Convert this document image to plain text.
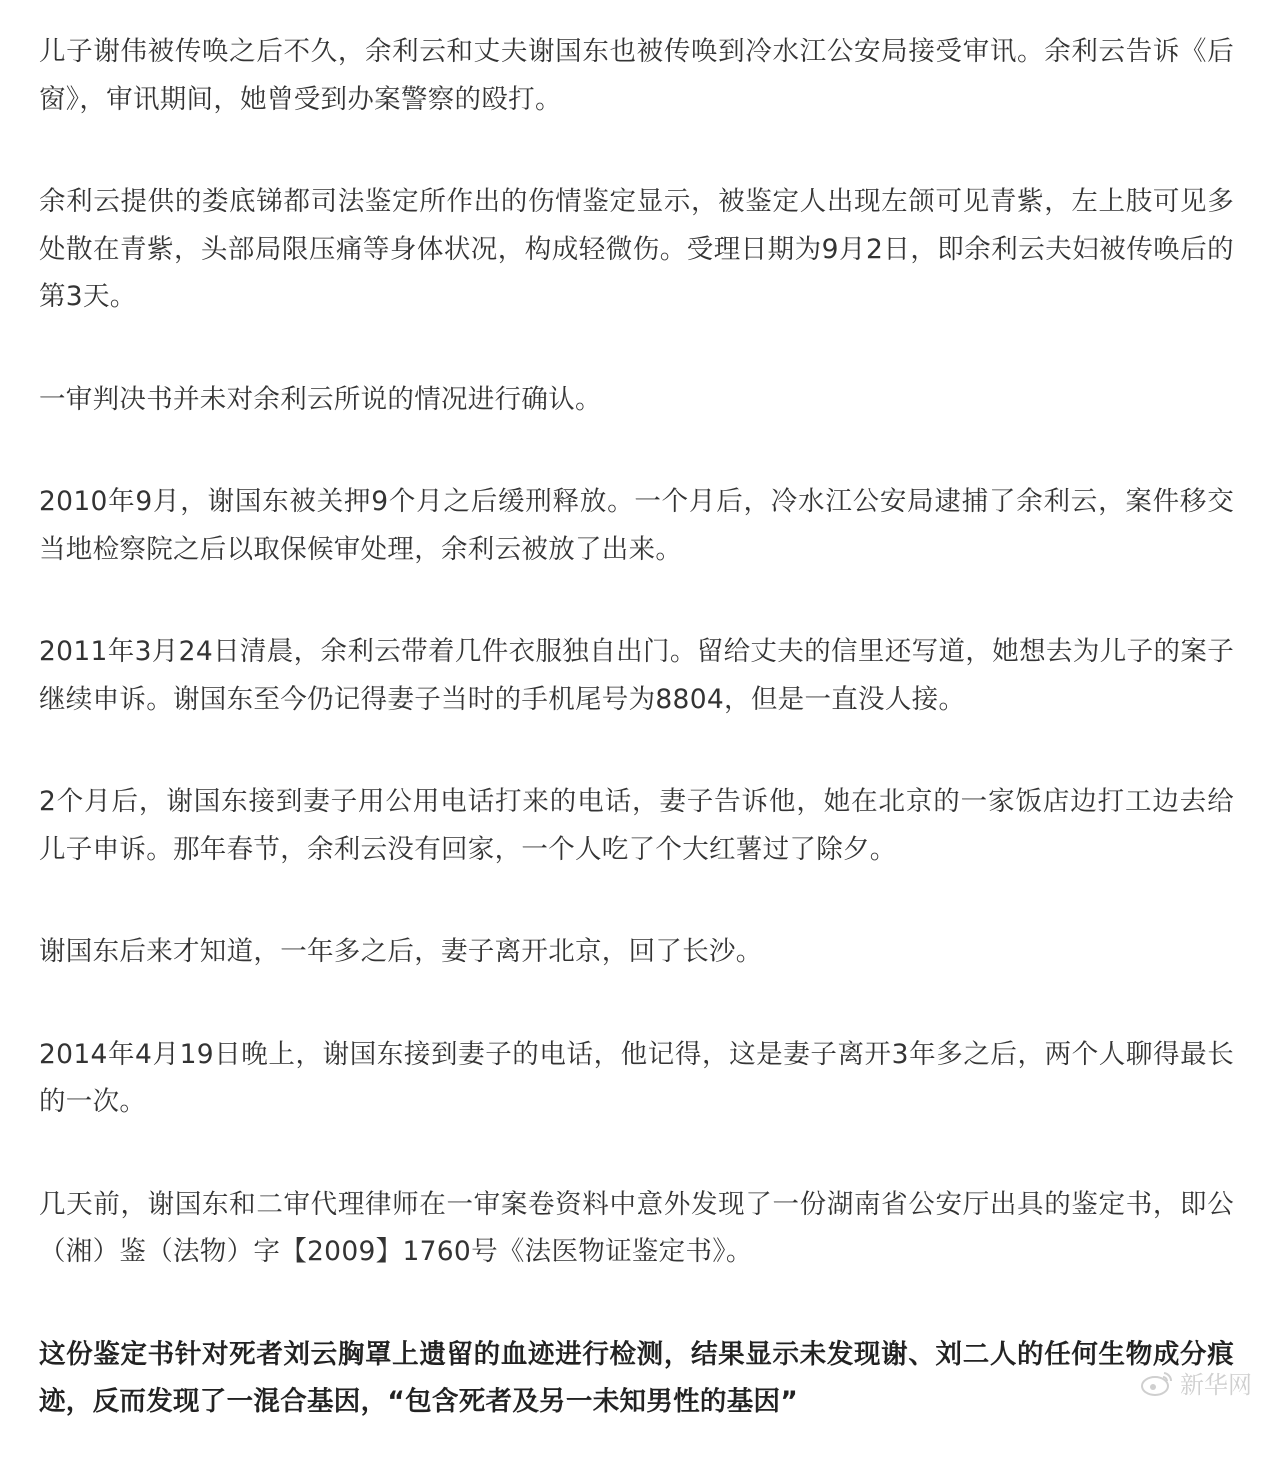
儿子谢伟被传唤之后不久，余利云和丈夫谢国东也被传唤到冷水江公安局接受审讯。余利云告诉《后窗》，审讯期间，她曾受到办案警察的殴打。

余利云提供的娄底锑都司法鉴定所作出的伤情鉴定显示，被鉴定人出现左颌可见青紫，左上肢可见多处散在青紫，头部局限压痛等身体状况，构成轻微伤。受理日期为9月2日，即余利云夫妇被传唤后的第3天。

一审判决书并未对余利云所说的情况进行确认。

2010年9月，谢国东被关押9个月之后缓刑释放。一个月后，冷水江公安局逮捕了余利云，案件移交当地检察院之后以取保候审处理，余利云被放了出来。

2011年3月24日清晨，余利云带着几件衣服独自出门。留给丈夫的信里还写道，她想去为儿子的案子继续申诉。谢国东至今仍记得妻子当时的手机尾号为8804，但是一直没人接。

2个月后，谢国东接到妻子用公用电话打来的电话，妻子告诉他，她在北京的一家饭店边打工边去给儿子申诉。那年春节，余利云没有回家，一个人吃了个大红薯过了除夕。

谢国东后来才知道，一年多之后，妻子离开北京，回了长沙。

2014年4月19日晚上，谢国东接到妻子的电话，他记得，这是妻子离开3年多之后，两个人聊得最长的一次。

几天前，谢国东和二审代理律师在一审案卷资料中意外发现了一份湖南省公安厅出具的鉴定书，即公（湘）鉴（法物）字【2009】1760号《法医物证鉴定书》。

这份鉴定书针对死者刘云胸罩上遗留的血迹进行检测，结果显示未发现谢、刘二人的任何生物成分痕迹，反而发现了一混合基因，“包含死者及另一未知男性的基因”

新华网
